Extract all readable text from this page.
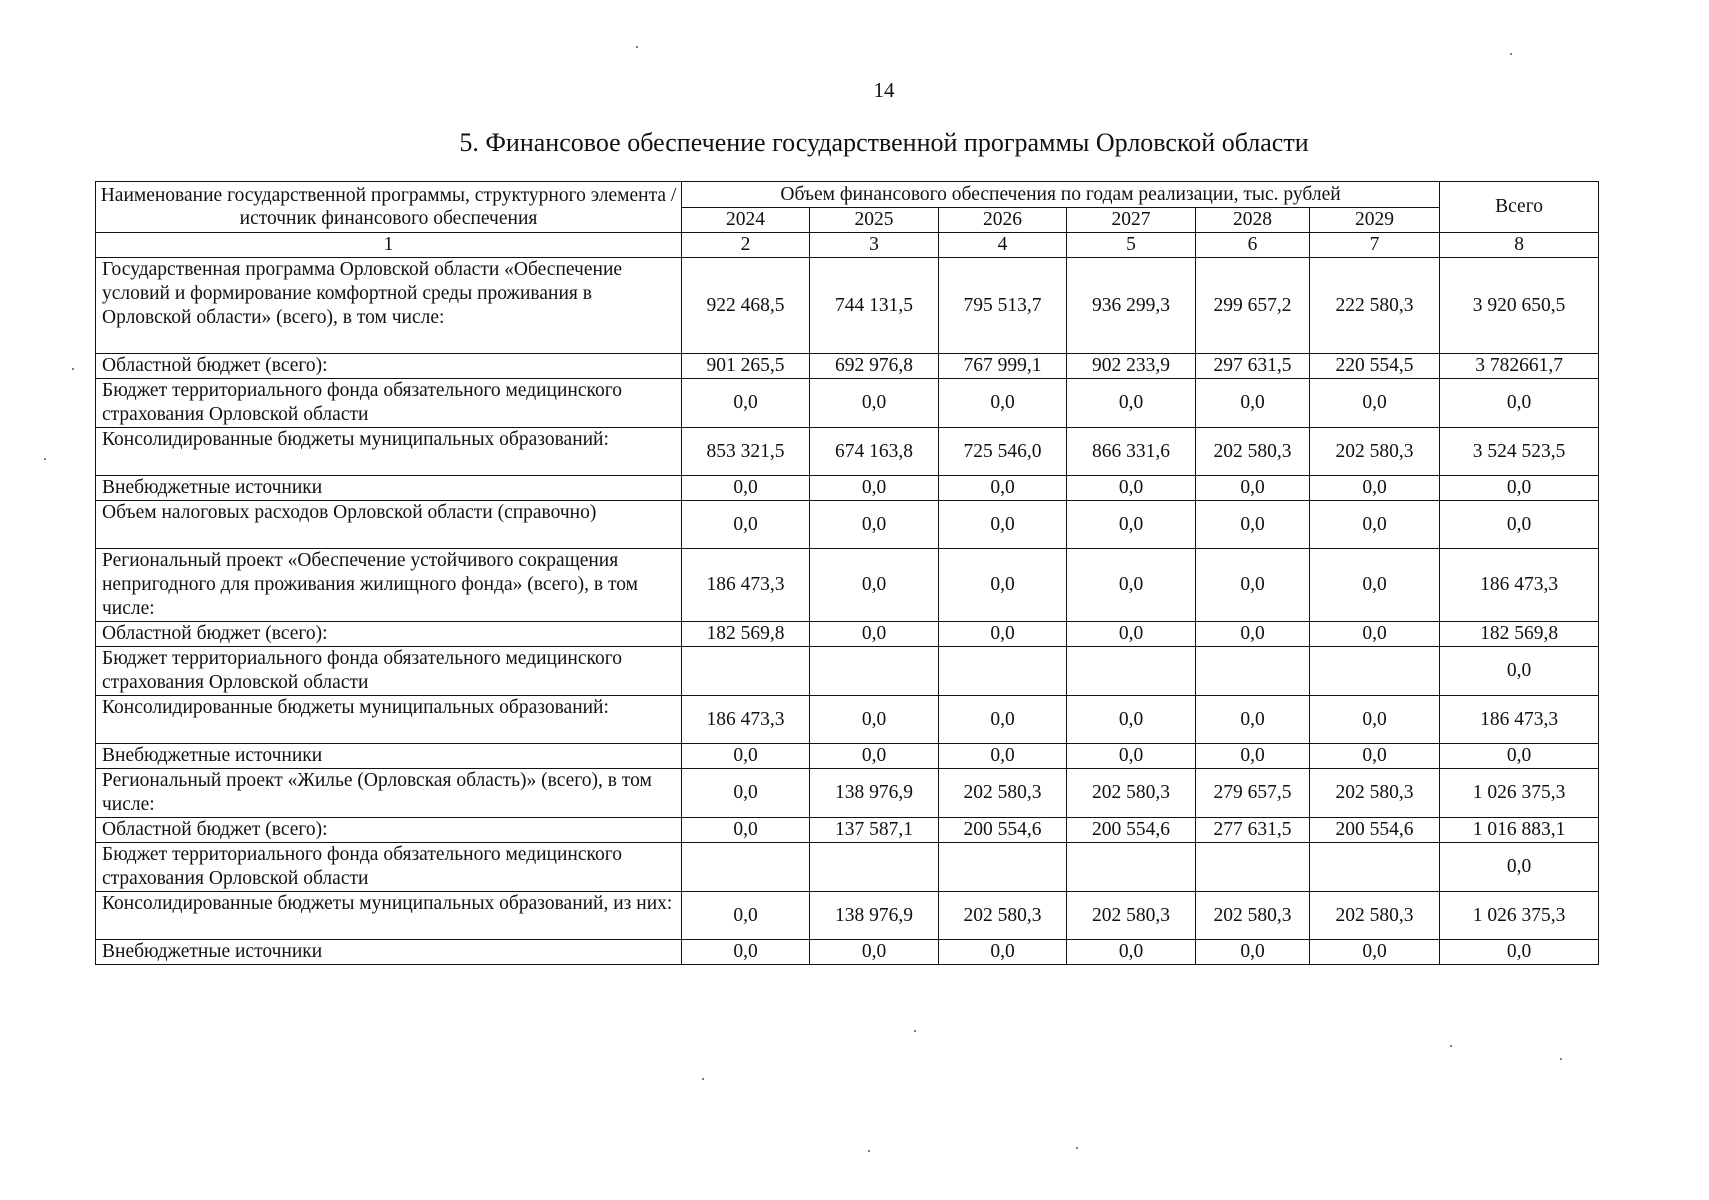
14
5. Финансовое обеспечение государственной программы Орловской области
Наименование государственной программы, структурного элемента / источник финансового обеспечения	Объем финансового обеспечения по годам реализации, тыс. рублей						Всего
	2024	2025	2026	2027	2028	2029	
1	2	3	4	5	6	7	8
Государственная программа Орловской области «Обеспечение условий и формирование комфортной среды проживания в Орловской области» (всего), в том числе:	922 468,5	744 131,5	795 513,7	936 299,3	299 657,2	222 580,3	3 920 650,5
Областной бюджет (всего):	901 265,5	692 976,8	767 999,1	902 233,9	297 631,5	220 554,5	3 782661,7
Бюджет территориального фонда обязательного медицинского страхования Орловской области	0,0	0,0	0,0	0,0	0,0	0,0	0,0
Консолидированные бюджеты муниципальных образований:	853 321,5	674 163,8	725 546,0	866 331,6	202 580,3	202 580,3	3 524 523,5
Внебюджетные источники	0,0	0,0	0,0	0,0	0,0	0,0	0,0
Объем налоговых расходов Орловской области (справочно)	0,0	0,0	0,0	0,0	0,0	0,0	0,0
Региональный проект «Обеспечение устойчивого сокращения непригодного для проживания жилищного фонда» (всего), в том числе:	186 473,3	0,0	0,0	0,0	0,0	0,0	186 473,3
Областной бюджет (всего):	182 569,8	0,0	0,0	0,0	0,0	0,0	182 569,8
Бюджет территориального фонда обязательного медицинского страхования Орловской области							0,0
Консолидированные бюджеты муниципальных образований:	186 473,3	0,0	0,0	0,0	0,0	0,0	186 473,3
Внебюджетные источники	0,0	0,0	0,0	0,0	0,0	0,0	0,0
Региональный проект «Жилье (Орловская область)» (всего), в том числе:	0,0	138 976,9	202 580,3	202 580,3	279 657,5	202 580,3	1 026 375,3
Областной бюджет (всего):	0,0	137 587,1	200 554,6	200 554,6	277 631,5	200 554,6	1 016 883,1
Бюджет территориального фонда обязательного медицинского страхования Орловской области							0,0
Консолидированные бюджеты муниципальных образований, из них:	0,0	138 976,9	202 580,3	202 580,3	202 580,3	202 580,3	1 026 375,3
Внебюджетные источники	0,0	0,0	0,0	0,0	0,0	0,0	0,0
